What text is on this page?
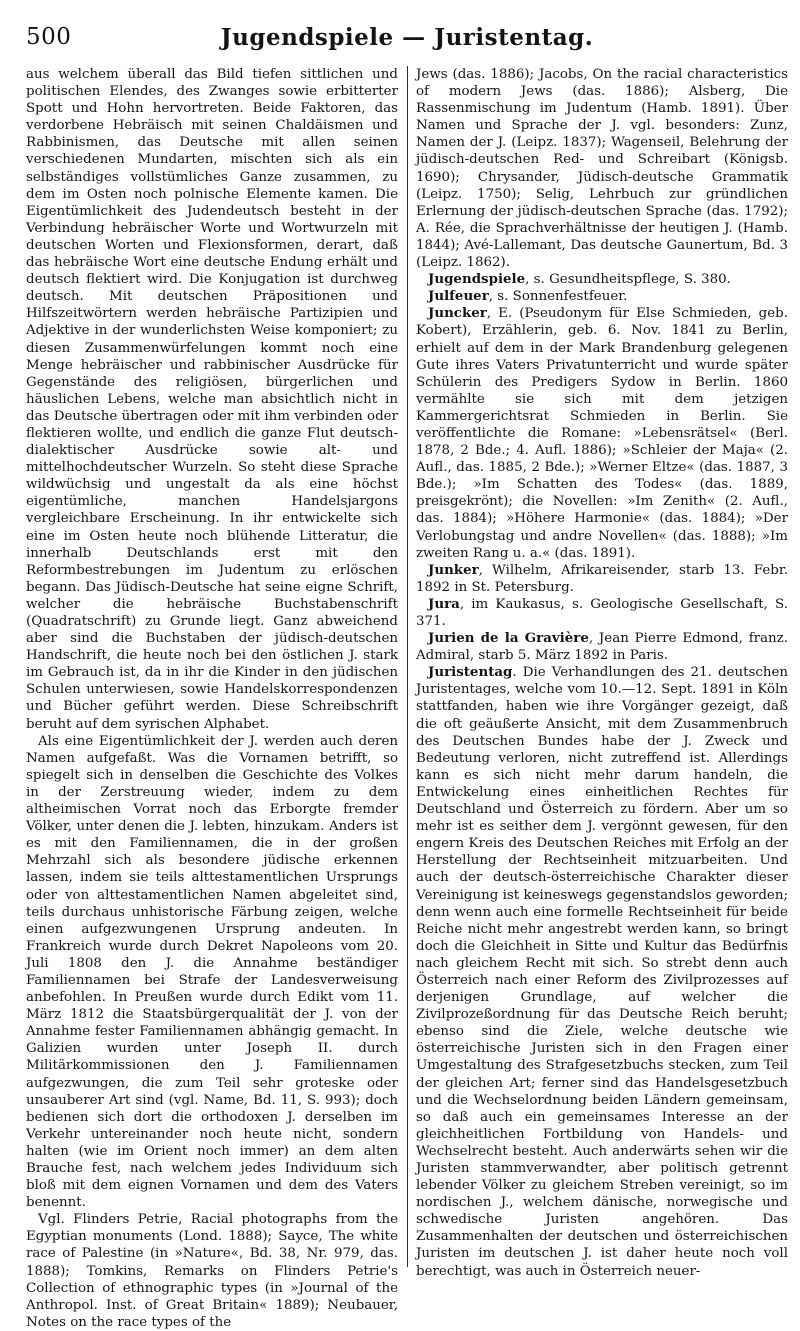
500	Jugendspiele — Juristentag.

aus welchem überall das Bild tiefen sittlichen und politischen Elendes, des Zwanges sowie erbitterter Spott und Hohn hervortreten. Beide Faktoren, das verdorbene Hebräisch mit seinen Chaldäismen und Rabbinismen, das Deutsche mit allen seinen verschiedenen Mundarten, mischten sich als ein selbständiges vollstümliches Ganze zusammen, zu dem im Osten noch polnische Elemente kamen. Die Eigentümlichkeit des Judendeutsch besteht in der Verbindung hebräischer Worte und Wortwurzeln mit deutschen Worten und Flexionsformen, derart, daß das hebräische Wort eine deutsche Endung erhält und deutsch flektiert wird. Die Konjugation ist durchweg deutsch. Mit deutschen Präpositionen und Hilfszeitwörtern werden hebräische Partizipien und Adjektive in der wunderlichsten Weise komponiert; zu diesen Zusammenwürfelungen kommt noch eine Menge hebräischer und rabbinischer Ausdrücke für Gegenstände des religiösen, bürgerlichen und häuslichen Lebens, welche man absichtlich nicht in das Deutsche übertragen oder mit ihm verbinden oder flektieren wollte, und endlich die ganze Flut deutsch-dialektischer Ausdrücke sowie alt- und mittelhochdeutscher Wurzeln. So steht diese Sprache wildwüchsig und ungestalt da als eine höchst eigentümliche, manchen Handelsjargons vergleichbare Erscheinung. In ihr entwickelte sich eine im Osten heute noch blühende Litteratur, die innerhalb Deutschlands erst mit den Reformbestrebungen im Judentum zu erlöschen begann. Das Jüdisch-Deutsche hat seine eigne Schrift, welcher die hebräische Buchstabenschrift (Quadratschrift) zu Grunde liegt. Ganz abweichend aber sind die Buchstaben der jüdisch-deutschen Handschrift, die heute noch bei den östlichen J. stark im Gebrauch ist, da in ihr die Kinder in den jüdischen Schulen unterwiesen, sowie Handelskorrespondenzen und Bücher geführt werden. Diese Schreibschrift beruht auf dem syrischen Alphabet.

Als eine Eigentümlichkeit der J. werden auch deren Namen aufgefaßt. Was die Vornamen betrifft, so spiegelt sich in denselben die Geschichte des Volkes in der Zerstreuung wieder, indem zu dem altheimischen Vorrat noch das Erborgte fremder Völker, unter denen die J. lebten, hinzukam. Anders ist es mit den Familiennamen, die in der großen Mehrzahl sich als besondere jüdische erkennen lassen, indem sie teils alttestamentlichen Ursprungs oder von alttestamentlichen Namen abgeleitet sind, teils durchaus unhistorische Färbung zeigen, welche einen aufgezwungenen Ursprung andeuten. In Frankreich wurde durch Dekret Napoleons vom 20. Juli 1808 den J. die Annahme beständiger Familiennamen bei Strafe der Landesverweisung anbefohlen. In Preußen wurde durch Edikt vom 11. März 1812 die Staatsbürgerqualität der J. von der Annahme fester Familiennamen abhängig gemacht. In Galizien wurden unter Joseph II. durch Militärkommissionen den J. Familiennamen aufgezwungen, die zum Teil sehr groteske oder unsauberer Art sind (vgl. Name, Bd. 11, S. 993); doch bedienen sich dort die orthodoxen J. derselben im Verkehr untereinander noch heute nicht, sondern halten (wie im Orient noch immer) an dem alten Brauche fest, nach welchem jedes Individuum sich bloß mit dem eignen Vornamen und dem des Vaters benennt.

Vgl. Flinders Petrie, Racial photographs from the Egyptian monuments (Lond. 1888); Sayce, The white race of Palestine (in »Nature«, Bd. 38, Nr. 979, das. 1888); Tomkins, Remarks on Flinders Petrie's Collection of ethnographic types (in »Journal of the Anthropol. Inst. of Great Britain« 1889); Neubauer, Notes on the race types of the

Jews (das. 1886); Jacobs, On the racial characteristics of modern Jews (das. 1886); Alsberg, Die Rassenmischung im Judentum (Hamb. 1891). Über Namen und Sprache der J. vgl. besonders: Zunz, Namen der J. (Leipz. 1837); Wagenseil, Belehrung der jüdisch-deutschen Red- und Schreibart (Königsb. 1690); Chrysander, Jüdisch-deutsche Grammatik (Leipz. 1750); Selig, Lehrbuch zur gründlichen Erlernung der jüdisch-deutschen Sprache (das. 1792); A. Rée, die Sprachverhältnisse der heutigen J. (Hamb. 1844); Avé-Lallemant, Das deutsche Gaunertum, Bd. 3 (Leipz. 1862).

Jugendspiele, s. Gesundheitspflege, S. 380.

Julfeuer, s. Sonnenfestfeuer.

Juncker, E. (Pseudonym für Else Schmieden, geb. Kobert), Erzählerin, geb. 6. Nov. 1841 zu Berlin, erhielt auf dem in der Mark Brandenburg gelegenen Gute ihres Vaters Privatunterricht und wurde später Schülerin des Predigers Sydow in Berlin. 1860 vermählte sie sich mit dem jetzigen Kammergerichtsrat Schmieden in Berlin. Sie veröffentlichte die Romane: »Lebensrätsel« (Berl. 1878, 2 Bde.; 4. Aufl. 1886); »Schleier der Maja« (2. Aufl., das. 1885, 2 Bde.); »Werner Eltze« (das. 1887, 3 Bde.); »Im Schatten des Todes« (das. 1889, preisgekrönt); die Novellen: »Im Zenith« (2. Aufl., das. 1884); »Höhere Harmonie« (das. 1884); »Der Verlobungstag und andre Novellen« (das. 1888); »Im zweiten Rang u. a.« (das. 1891).

Junker, Wilhelm, Afrikareisender, starb 13. Febr. 1892 in St. Petersburg.

Jura, im Kaukasus, s. Geologische Gesellschaft, S. 371.

Jurien de la Gravière, Jean Pierre Edmond, franz. Admiral, starb 5. März 1892 in Paris.

Juristentag. Die Verhandlungen des 21. deutschen Juristentages, welche vom 10.—12. Sept. 1891 in Köln stattfanden, haben wie ihre Vorgänger gezeigt, daß die oft geäußerte Ansicht, mit dem Zusammenbruch des Deutschen Bundes habe der J. Zweck und Bedeutung verloren, nicht zutreffend ist. Allerdings kann es sich nicht mehr darum handeln, die Entwickelung eines einheitlichen Rechtes für Deutschland und Österreich zu fördern. Aber um so mehr ist es seither dem J. vergönnt gewesen, für den engern Kreis des Deutschen Reiches mit Erfolg an der Herstellung der Rechtseinheit mitzuarbeiten. Und auch der deutsch-österreichische Charakter dieser Vereinigung ist keineswegs gegenstandslos geworden; denn wenn auch eine formelle Rechtseinheit für beide Reiche nicht mehr angestrebt werden kann, so bringt doch die Gleichheit in Sitte und Kultur das Bedürfnis nach gleichem Recht mit sich. So strebt denn auch Österreich nach einer Reform des Zivilprozesses auf derjenigen Grundlage, auf welcher die Zivilprozeßordnung für das Deutsche Reich beruht; ebenso sind die Ziele, welche deutsche wie österreichische Juristen sich in den Fragen einer Umgestaltung des Strafgesetzbuchs stecken, zum Teil der gleichen Art; ferner sind das Handelsgesetzbuch und die Wechselordnung beiden Ländern gemeinsam, so daß auch ein gemeinsames Interesse an der gleichheitlichen Fortbildung von Handels- und Wechselrecht besteht. Auch anderwärts sehen wir die Juristen stammverwandter, aber politisch getrennt lebender Völker zu gleichem Streben vereinigt, so im nordischen J., welchem dänische, norwegische und schwedische Juristen angehören. Das Zusammenhalten der deutschen und österreichischen Juristen im deutschen J. ist daher heute noch voll berechtigt, was auch in Österreich neuer-
